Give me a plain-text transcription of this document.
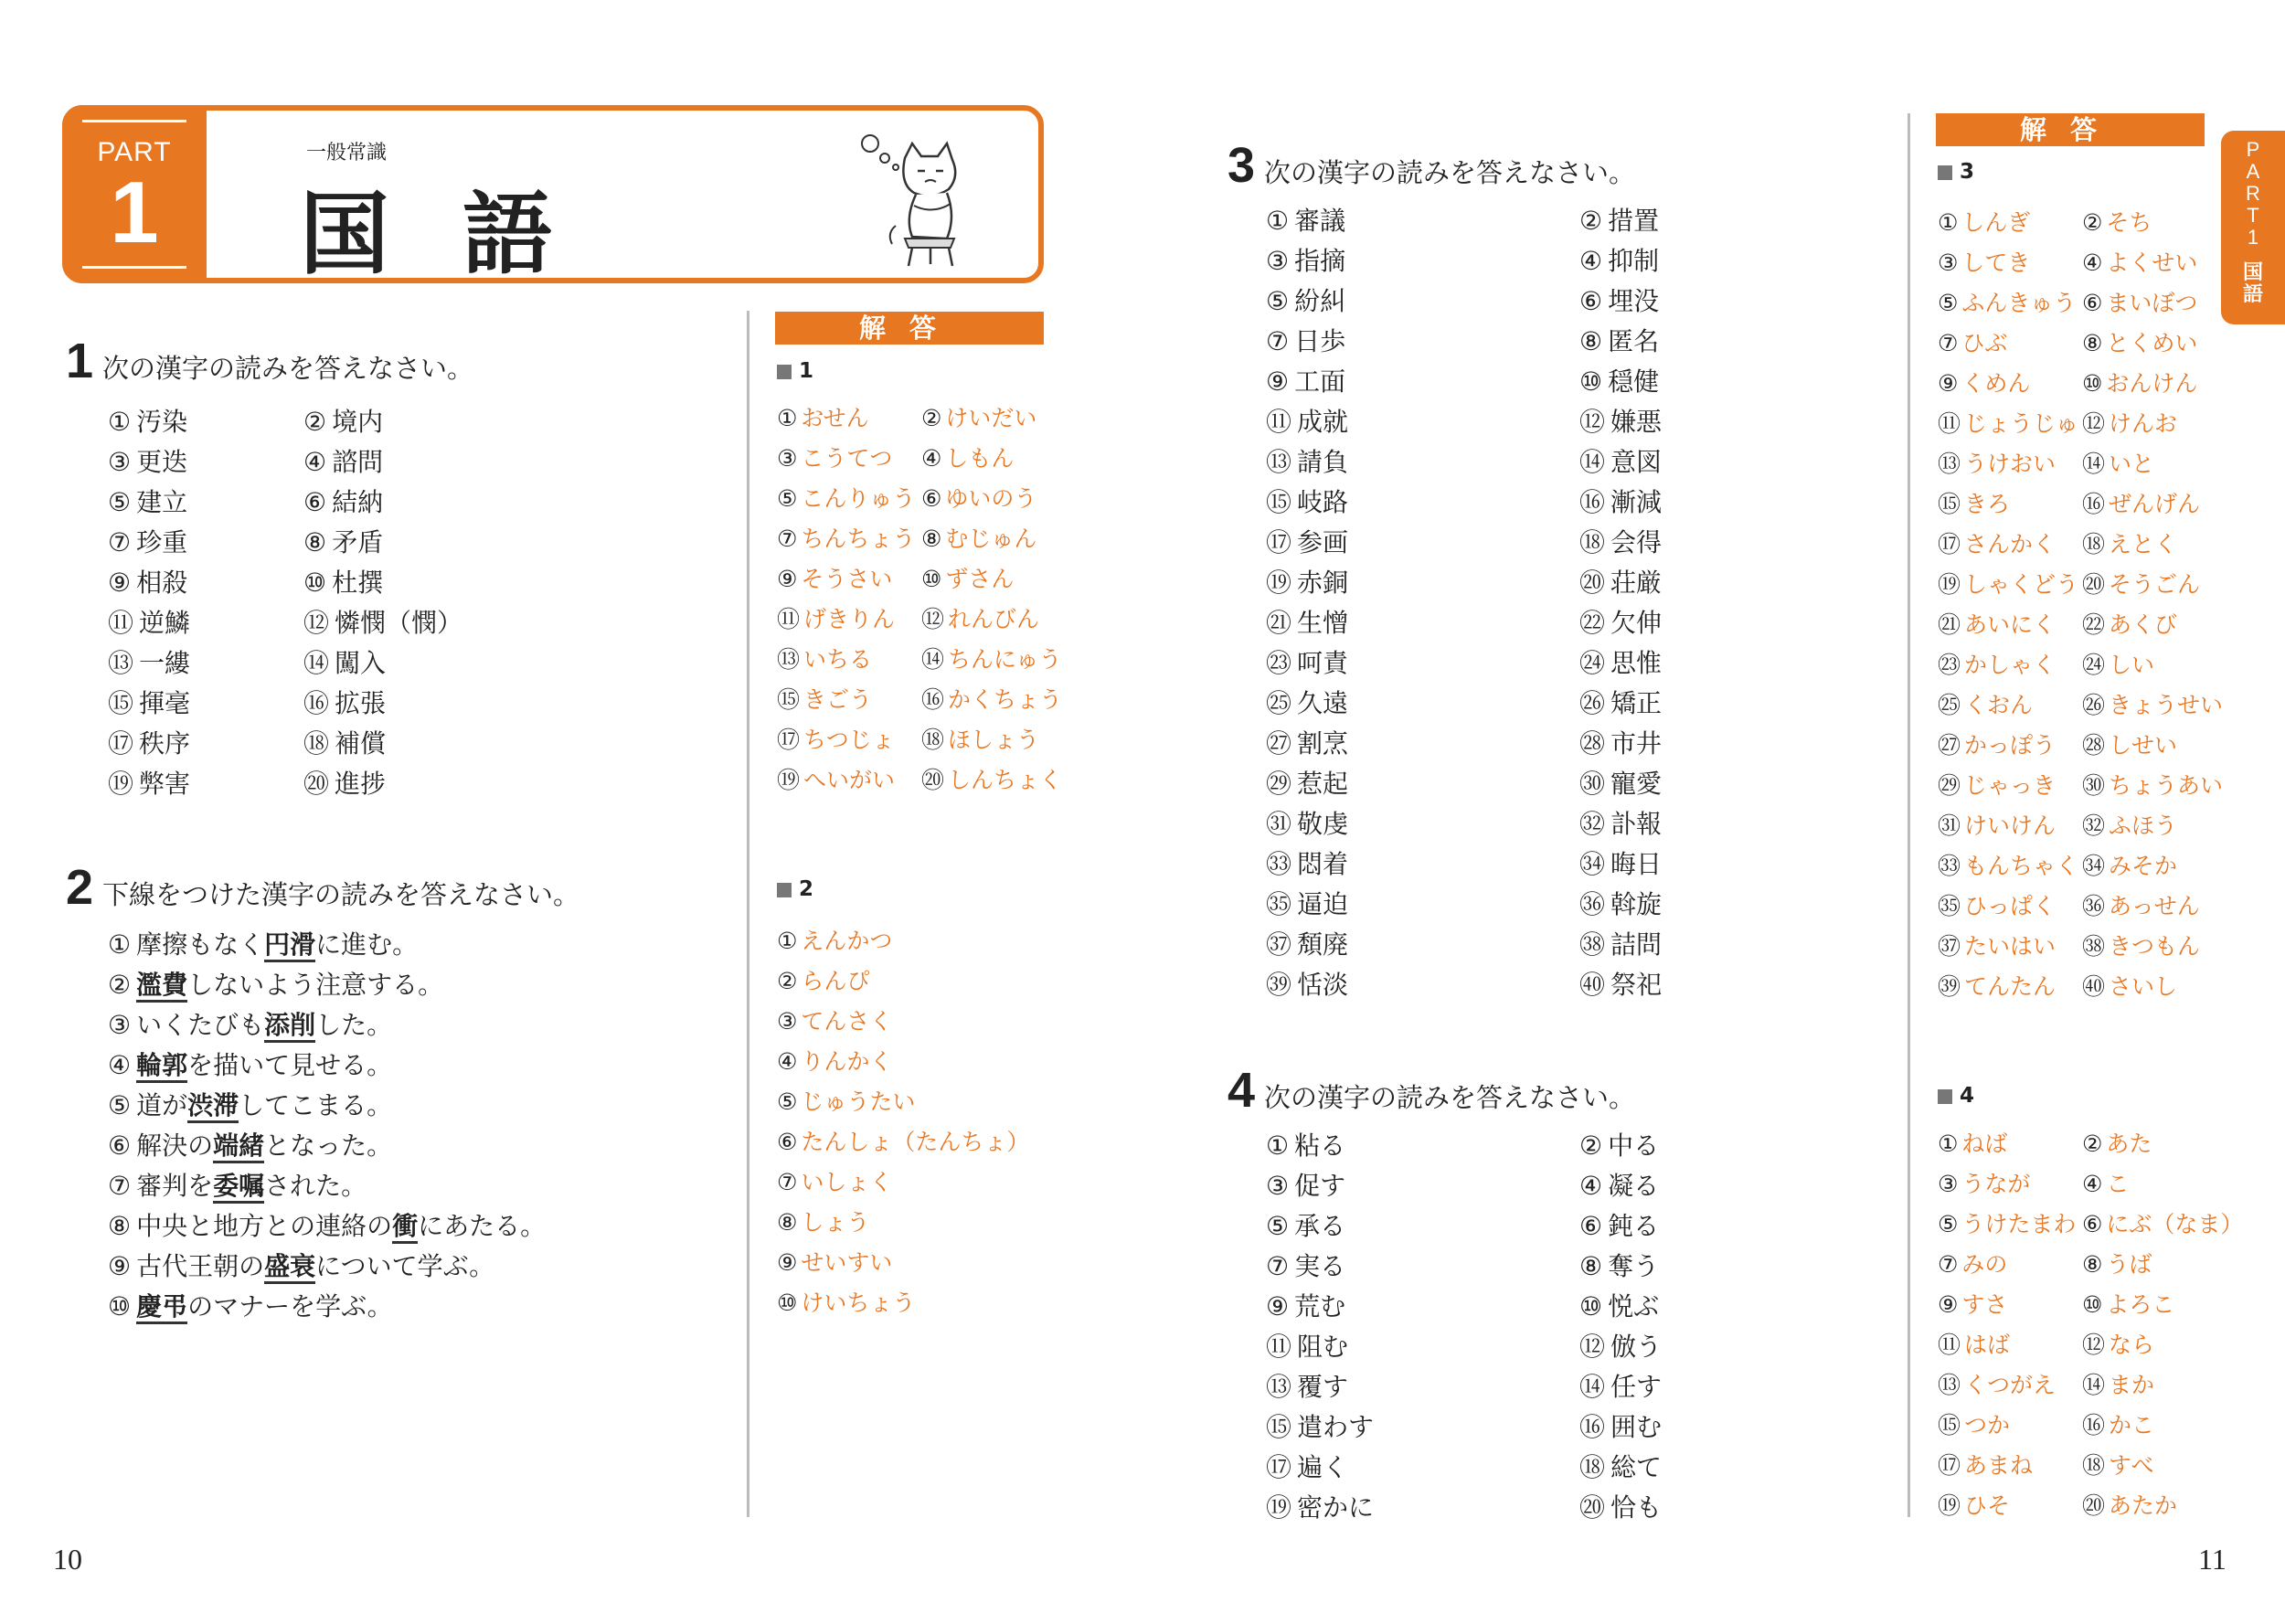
PART
1
一般常識
国語
1 次の漢字の読みを答えなさい。
① 汚染	② 境内
③ 更迭	④ 諮問
⑤ 建立	⑥ 結納
⑦ 珍重	⑧ 矛盾
⑨ 相殺	⑩ 杜撰
⑪ 逆鱗	⑫ 憐憫（憫）
⑬ 一縷	⑭ 闖入
⑮ 揮毫	⑯ 拡張
⑰ 秩序	⑱ 補償
⑲ 弊害	⑳ 進捗
2 下線をつけた漢字の読みを答えなさい。
① 摩擦もなく円滑に進む。
② 濫費しないよう注意する。
③ いくたびも添削した。
④ 輪郭を描いて見せる。
⑤ 道が渋滞してこまる。
⑥ 解決の端緒となった。
⑦ 審判を委嘱された。
⑧ 中央と地方との連絡の衝にあたる。
⑨ 古代王朝の盛衰について学ぶ。
⑩ 慶弔のマナーを学ぶ。
解答
1
① おせん ② けいだい
③ こうてつ ④ しもん
⑤ こんりゅう ⑥ ゆいのう
⑦ ちんちょう ⑧ むじゅん
⑨ そうさい ⑩ ずさん
⑪ げきりん ⑫ れんびん
⑬ いちる ⑭ ちんにゅう
⑮ きごう ⑯ かくちょう
⑰ ちつじょ ⑱ ほしょう
⑲ へいがい ⑳ しんちょく
2
① えんかつ
② らんぴ
③ てんさく
④ りんかく
⑤ じゅうたい
⑥ たんしょ（たんちょ）
⑦ いしょく
⑧ しょう
⑨ せいすい
⑩ けいちょう
10
3 次の漢字の読みを答えなさい。
① 審議	② 措置
③ 指摘	④ 抑制
⑤ 紛糾	⑥ 埋没
⑦ 日歩	⑧ 匿名
⑨ 工面	⑩ 穏健
⑪ 成就	⑫ 嫌悪
⑬ 請負	⑭ 意図
⑮ 岐路	⑯ 漸減
⑰ 参画	⑱ 会得
⑲ 赤銅	⑳ 荘厳
㉑ 生憎	㉒ 欠伸
㉓ 呵責	㉔ 思惟
㉕ 久遠	㉖ 矯正
㉗ 割烹	㉘ 市井
㉙ 惹起	㉚ 寵愛
㉛ 敬虔	㉜ 訃報
㉝ 悶着	㉞ 晦日
㉟ 逼迫	㊱ 斡旋
㊲ 頽廃	㊳ 詰問
㊴ 恬淡	㊵ 祭祀
4 次の漢字の読みを答えなさい。
① 粘る	② 中る
③ 促す	④ 凝る
⑤ 承る	⑥ 鈍る
⑦ 実る	⑧ 奪う
⑨ 荒む	⑩ 悦ぶ
⑪ 阻む	⑫ 倣う
⑬ 覆す	⑭ 任す
⑮ 遣わす	⑯ 囲む
⑰ 遍く	⑱ 総て
⑲ 密かに	⑳ 恰も
解答
3
① しんぎ ② そち
③ してき ④ よくせい
⑤ ふんきゅう ⑥ まいぼつ
⑦ ひぶ	⑧ とくめい
⑨ くめん ⑩ おんけん
⑪ じょうじゅ ⑫ けんお
⑬ うけおい ⑭ いと
⑮ きろ	⑯ ぜんげん
⑰ さんかく ⑱ えとく
⑲ しゃくどう ⑳ そうごん
㉑ あいにく ㉒ あくび
㉓ かしゃく ㉔ しい
㉕ くおん ㉖ きょうせい
㉗ かっぽう ㉘ しせい
㉙ じゃっき ㉚ ちょうあい
㉛ けいけん ㉜ ふほう
㉝ もんちゃく ㉞ みそか
㉟ ひっぱく ㊱ あっせん
㊲ たいはい ㊳ きつもん
㊴ てんたん ㊵ さいし
4
① ねば	② あた
③ うなが ④ こ
⑤ うけたまわ ⑥ にぶ（なま）
⑦ みの	⑧ うば
⑨ すさ	⑩ よろこ
⑪ はば	⑫ なら
⑬ くつがえ ⑭ まか
⑮ つか	⑯ かこ
⑰ あまね ⑱ すべ
⑲ ひそ	⑳ あたか
P
A
R
T
1
国
語
11
